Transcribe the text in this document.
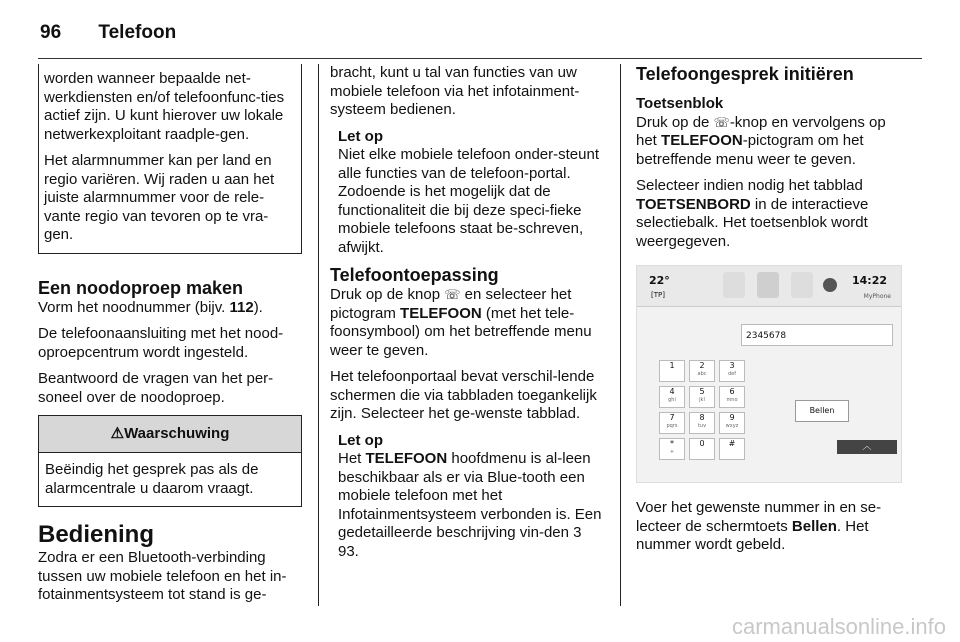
96 Telefoon

worden wanneer bepaalde net-werkdiensten en/of telefoonfunc-ties actief zijn. U kunt hierover uw lokale netwerkexploitant raadple-gen.

Het alarmnummer kan per land en regio variëren. Wij raden u aan het juiste alarmnummer voor de rele-vante regio van tevoren op te vra-gen.

Een noodoproep maken

Vorm het noodnummer (bijv. 112).

De telefoonaansluiting met het nood-oproepcentrum wordt ingesteld.

Beantwoord de vragen van het per-soneel over de noodoproep.

⚠Waarschuwing
Beëindig het gesprek pas als de alarmcentrale u daarom vraagt.
Bediening

Zodra er een Bluetooth-verbinding tussen uw mobiele telefoon en het in-fotainmentsysteem tot stand is ge-

bracht, kunt u tal van functies van uw mobiele telefoon via het infotainment-systeem bedienen.

Let op

Niet elke mobiele telefoon onder-steunt alle functies van de telefoon-portal. Zodoende is het mogelijk dat de functionaliteit die bij deze speci-fieke mobiele telefoons staat be-schreven, afwijkt.

Telefoontoepassing

Druk op de knop ☏ en selecteer het pictogram TELEFOON (met het tele-foonsymbool) om het betreffende menu weer te geven.

Het telefoonportaal bevat verschil-lende schermen die via tabbladen toegankelijk zijn. Selecteer het ge-wenste tabblad.

Let op

Het TELEFOON hoofdmenu is al-leen beschikbaar als er via Blue-tooth een mobiele telefoon met het Infotainmentsysteem verbonden is. Een gedetailleerde beschrijving vin-den 3 93.

Telefoongesprek initiëren
Toetsenblok

Druk op de ☏-knop en vervolgens op het TELEFOON-pictogram om het betreffende menu weer te geven.

Selecteer indien nodig het tabblad TOETSENBORD in de interactieve selectiebalk. Het toetsenblok wordt weergegeven.

22°
[TP]
14:22
MyPhone
2345678
1	2
abc
3
def
4
ghi
5
jkl
6
mno
7
pqrs
8
tuv
9
wxyz
*
+
0	#
Bellen
︿

Voer het gewenste nummer in en se-lecteer de schermtoets Bellen. Het nummer wordt gebeld.

carmanualsonline.info
